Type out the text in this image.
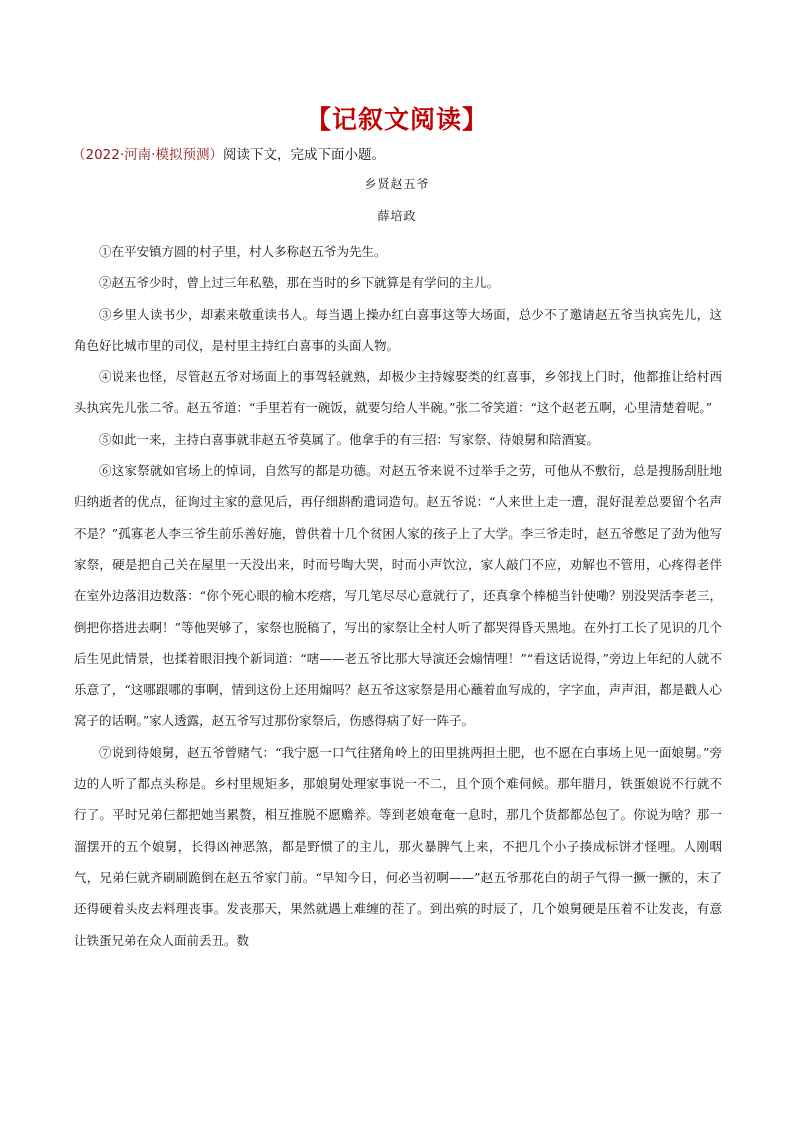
【记叙文阅读】
（2022·河南·模拟预测）阅读下文，完成下面小题。
乡贤赵五爷
薛培政

①在平安镇方圆的村子里，村人多称赵五爷为先生。

②赵五爷少时，曾上过三年私塾，那在当时的乡下就算是有学问的主儿。

③乡里人读书少，却素来敬重读书人。每当遇上操办红白喜事这等大场面，总少不了邀请赵五爷当执宾先儿，这角色好比城市里的司仪，是村里主持红白喜事的头面人物。

④说来也怪，尽管赵五爷对场面上的事驾轻就熟，却极少主持嫁娶类的红喜事，乡邻找上门时，他都推让给村西头执宾先儿张二爷。赵五爷道：“手里若有一碗饭，就要匀给人半碗。”张二爷笑道：“这个赵老五啊，心里清楚着呢。”

⑤如此一来，主持白喜事就非赵五爷莫属了。他拿手的有三招：写家祭、待娘舅和陪酒宴。

⑥这家祭就如官场上的悼词，自然写的都是功德。对赵五爷来说不过举手之劳，可他从不敷衍，总是搜肠刮肚地归纳逝者的优点，征询过主家的意见后，再仔细斟酌遣词造句。赵五爷说：“人来世上走一遭，混好混差总要留个名声不是？”孤寡老人李三爷生前乐善好施，曾供着十几个贫困人家的孩子上了大学。李三爷走时，赵五爷憋足了劲为他写家祭，硬是把自己关在屋里一天没出来，时而号啕大哭，时而小声饮泣，家人敲门不应，劝解也不管用，心疼得老伴在室外边落泪边数落：“你个死心眼的榆木疙瘩，写几笔尽尽心意就行了，还真拿个棒槌当针使嘞？别没哭活李老三，倒把你搭进去啊！”等他哭够了，家祭也脱稿了，写出的家祭让全村人听了都哭得昏天黑地。在外打工长了见识的几个后生见此情景，也揉着眼泪拽个新词道：“嗐——老五爷比那大导演还会煽情哩！”“看这话说得，”旁边上年纪的人就不乐意了，“这哪跟哪的事啊，情到这份上还用煽吗？赵五爷这家祭是用心蘸着血写成的，字字血，声声泪，都是戳人心窝子的话啊。”家人透露，赵五爷写过那份家祭后，伤感得病了好一阵子。

⑦说到待娘舅，赵五爷曾赌气：“我宁愿一口气往猪角岭上的田里挑两担土肥，也不愿在白事场上见一面娘舅。”旁边的人听了都点头称是。乡村里规矩多，那娘舅处理家事说一不二，且个顶个难伺候。那年腊月，铁蛋娘说不行就不行了。平时兄弟仨都把她当累赘，相互推脱不愿赡养。等到老娘奄奄一息时，那几个货都都怂包了。你说为啥？那一溜摆开的五个娘舅，长得凶神恶煞，都是野惯了的主儿，那火暴脾气上来，不把几个小子揍成标饼才怪哩。人刚咽气，兄弟仨就齐刷刷跪倒在赵五爷家门前。“早知今日，何必当初啊——”赵五爷那花白的胡子气得一撅一撅的，末了还得硬着头皮去料理丧事。发丧那天，果然就遇上难缠的茬了。到出殡的时辰了，几个娘舅硬是压着不让发丧，有意让铁蛋兄弟在众人面前丢丑。数
